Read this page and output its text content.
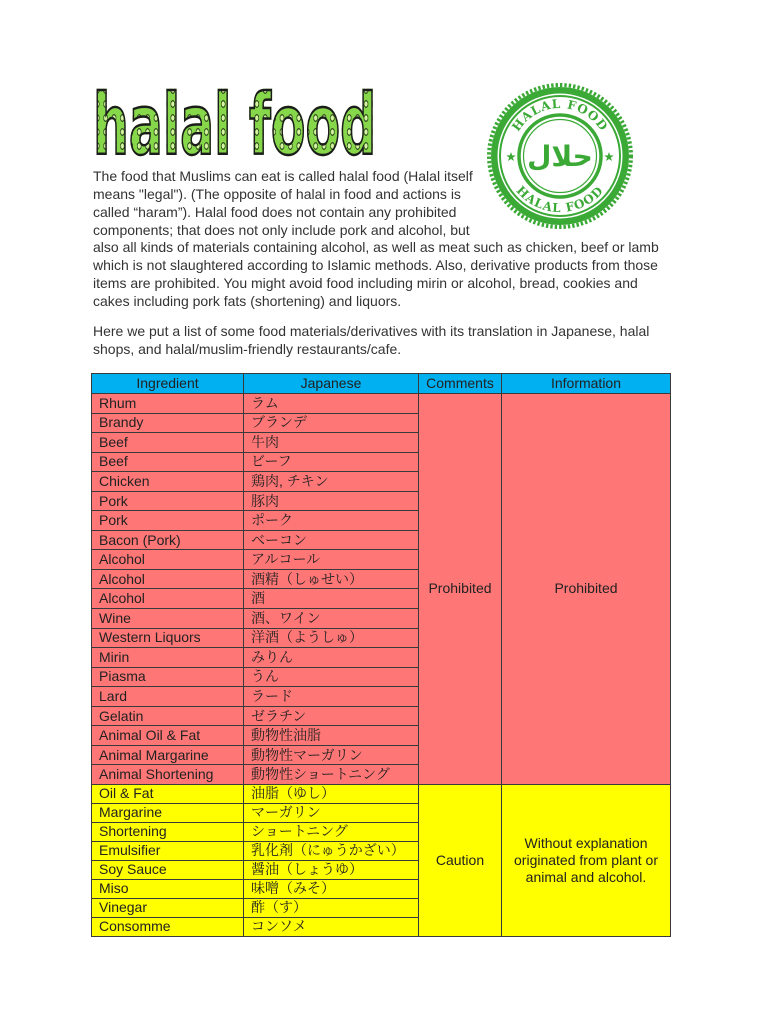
halal food	HALAL FOOD
HALAL FOOD
حلال

The food that Muslims can eat is called halal food (Halal itself means "legal"). (The opposite of halal in food and actions is called “haram”). Halal food does not contain any prohibited components; that does not only include pork and alcohol, but also all kinds of materials containing alcohol, as well as meat such as chicken, beef or lamb which is not slaughtered according to Islamic methods. Also, derivative products from those items are prohibited. You might avoid food including mirin or alcohol, bread, cookies and cakes including pork fats (shortening) and liquors.

Here we put a list of some food materials/derivatives with its translation in Japanese, halal shops, and halal/muslim-friendly restaurants/cafe.

Ingredient	Japanese	Comments	Information
Rhum	ラム	Prohibited	Prohibited
Brandy	ブランデ		
Beef	牛肉		
Beef	ビーフ		
Chicken	鶏肉, チキン		
Pork	豚肉		
Pork	ポーク		
Bacon (Pork)	ベーコン		
Alcohol	アルコール		
Alcohol	酒精（しゅせい）		
Alcohol	酒		
Wine	酒、ワイン		
Western Liquors	洋酒（ようしゅ）		
Mirin	みりん		
Piasma	うん		
Lard	ラード		
Gelatin	ゼラチン		
Animal Oil & Fat	動物性油脂		
Animal Margarine	動物性マーガリン		
Animal Shortening	動物性ショートニング		
Oil & Fat	油脂（ゆし）	Caution	Without explanation originated from plant or animal and alcohol.
Margarine	マーガリン		
Shortening	ショートニング		
Emulsifier	乳化剤（にゅうかざい）		
Soy Sauce	醤油（しょうゆ）		
Miso	味噌（みそ）		
Vinegar	酢（す）		
Consomme	コンソメ		
